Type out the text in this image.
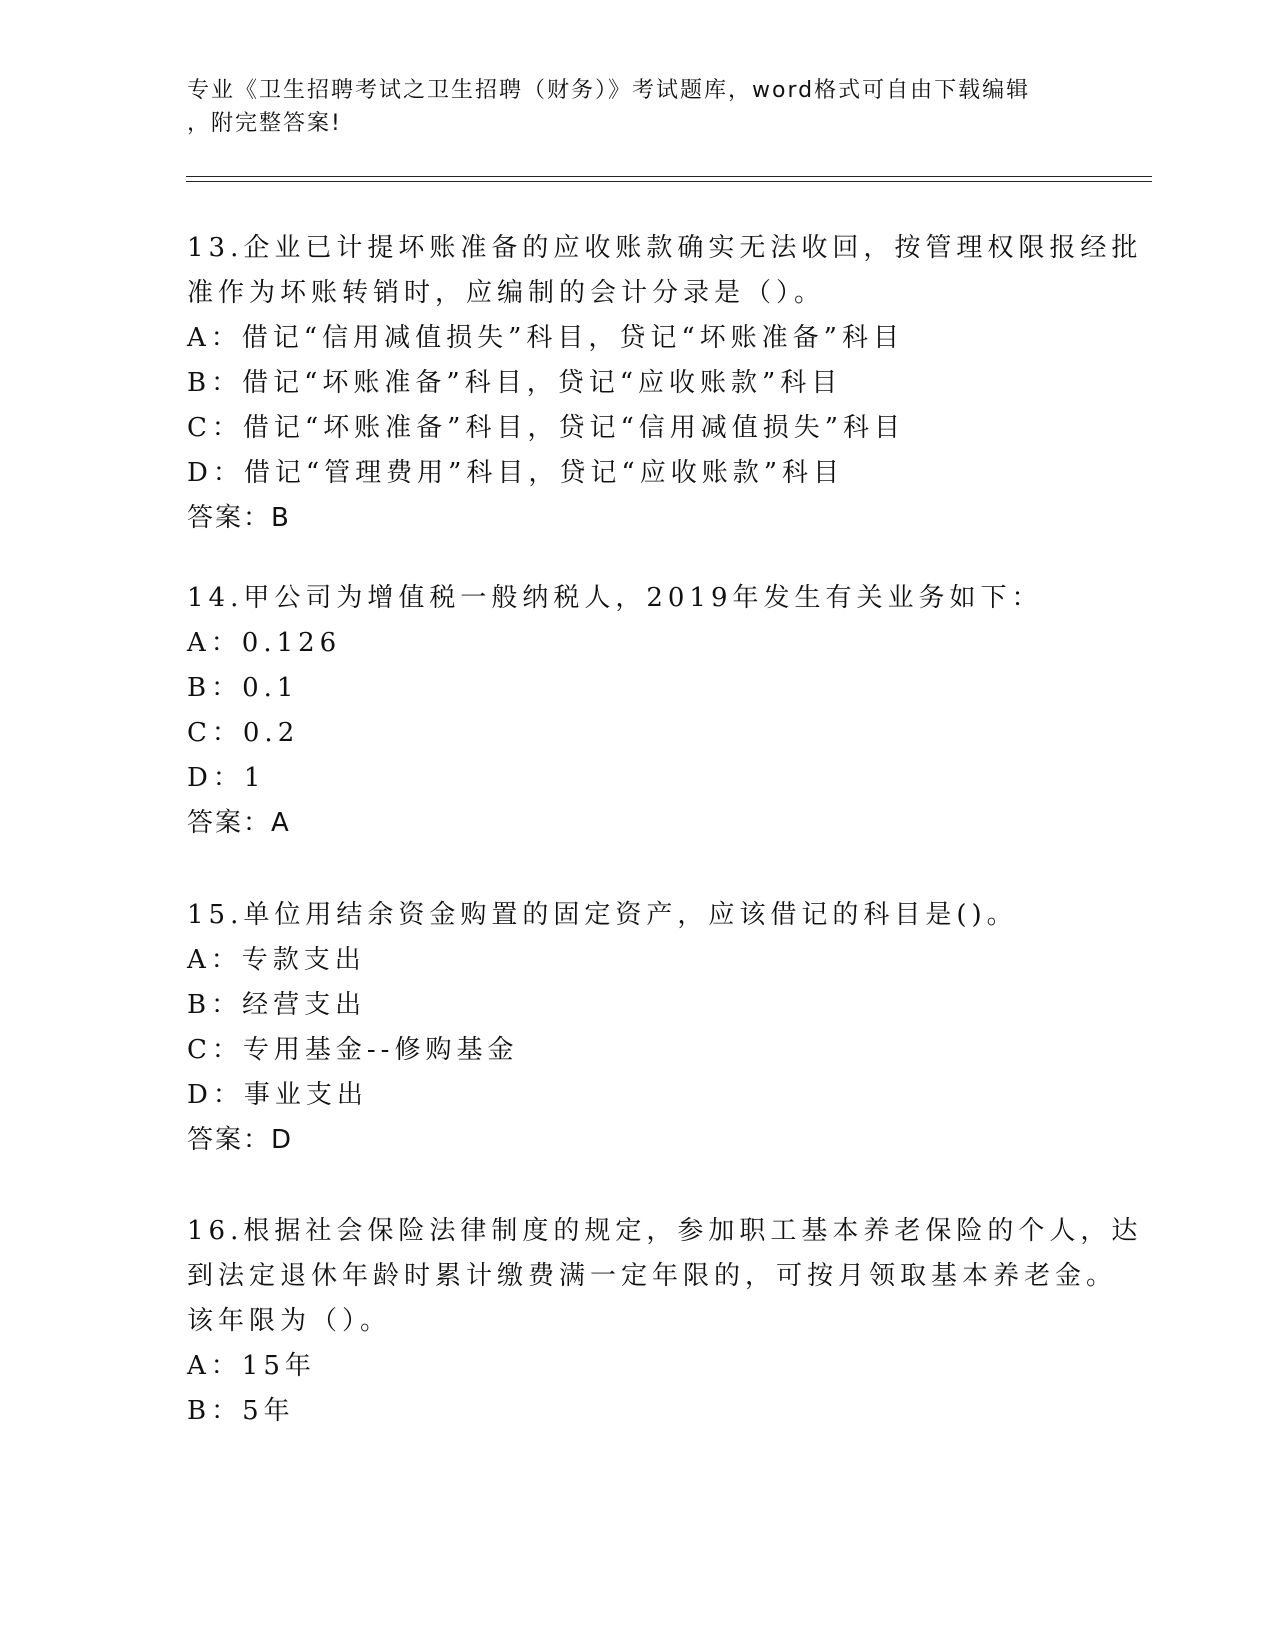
专业《卫生招聘考试之卫生招聘（财务）》考试题库，word格式可自由下载编辑
，附完整答案!
13.企业已计提坏账准备的应收账款确实无法收回，按管理权限报经批
准作为坏账转销时，应编制的会计分录是（）。
A：借记“信用减值损失”科目，贷记“坏账准备”科目
B：借记“坏账准备”科目，贷记“应收账款”科目
C：借记“坏账准备”科目，贷记“信用减值损失”科目
D：借记“管理费用”科目，贷记“应收账款”科目
答案：B
14.甲公司为增值税一般纳税人，2019年发生有关业务如下：
A：0.126
B：0.1
C：0.2
D：1
答案：A
15.单位用结余资金购置的固定资产，应该借记的科目是()。
A：专款支出
B：经营支出
C：专用基金--修购基金
D：事业支出
答案：D
16.根据社会保险法律制度的规定，参加职工基本养老保险的个人，达
到法定退休年龄时累计缴费满一定年限的，可按月领取基本养老金。
该年限为（）。
A：15年
B：5年
